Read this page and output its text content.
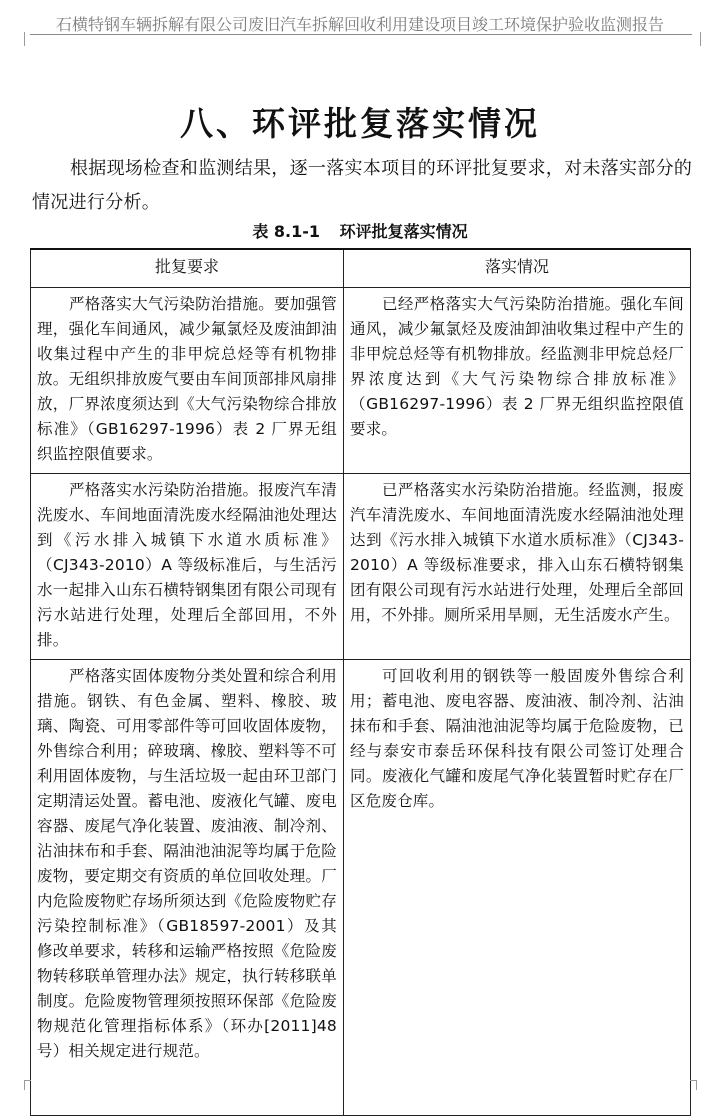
石横特钢车辆拆解有限公司废旧汽车拆解回收利用建设项目竣工环境保护验收监测报告
八、环评批复落实情况

根据现场检查和监测结果，逐一落实本项目的环评批复要求，对未落实部分的情况进行分析。

表 8.1-1 环评批复落实情况
批复要求	落实情况
严格落实大气污染防治措施。要加强管理，强化车间通风，减少氟氯烃及废油卸油收集过程中产生的非甲烷总烃等有机物排放。无组织排放废气要由车间顶部排风扇排放，厂界浓度须达到《大气污染物综合排放标准》（GB16297-1996）表 2 厂界无组织监控限值要求。	已经严格落实大气污染防治措施。强化车间通风，减少氟氯烃及废油卸油收集过程中产生的非甲烷总烃等有机物排放。经监测非甲烷总烃厂界浓度达到《大气污染物综合排放标准》（GB16297-1996）表 2 厂界无组织监控限值要求。
严格落实水污染防治措施。报废汽车清洗废水、车间地面清洗废水经隔油池处理达到《污水排入城镇下水道水质标准》（CJ343-2010）A 等级标准后，与生活污水一起排入山东石横特钢集团有限公司现有污水站进行处理，处理后全部回用，不外排。	已严格落实水污染防治措施。经监测，报废汽车清洗废水、车间地面清洗废水经隔油池处理达到《污水排入城镇下水道水质标准》（CJ343-2010）A 等级标准要求，排入山东石横特钢集团有限公司现有污水站进行处理，处理后全部回用，不外排。厕所采用旱厕，无生活废水产生。
严格落实固体废物分类处置和综合利用措施。钢铁、有色金属、塑料、橡胶、玻璃、陶瓷、可用零部件等可回收固体废物，外售综合利用；碎玻璃、橡胶、塑料等不可利用固体废物，与生活垃圾一起由环卫部门定期清运处置。蓄电池、废液化气罐、废电容器、废尾气净化装置、废油液、制冷剂、沾油抹布和手套、隔油池油泥等均属于危险废物，要定期交有资质的单位回收处理。厂内危险废物贮存场所须达到《危险废物贮存污染控制标准》（GB18597-2001）及其修改单要求，转移和运输严格按照《危险废物转移联单管理办法》规定，执行转移联单制度。危险废物管理须按照环保部《危险废物规范化管理指标体系》（环办[2011]48 号）相关规定进行规范。	可回收利用的钢铁等一般固废外售综合利用；蓄电池、废电容器、废油液、制冷剂、沾油抹布和手套、隔油池油泥等均属于危险废物，已经与泰安市泰岳环保科技有限公司签订处理合同。废液化气罐和废尾气净化装置暂时贮存在厂区危废仓库。
